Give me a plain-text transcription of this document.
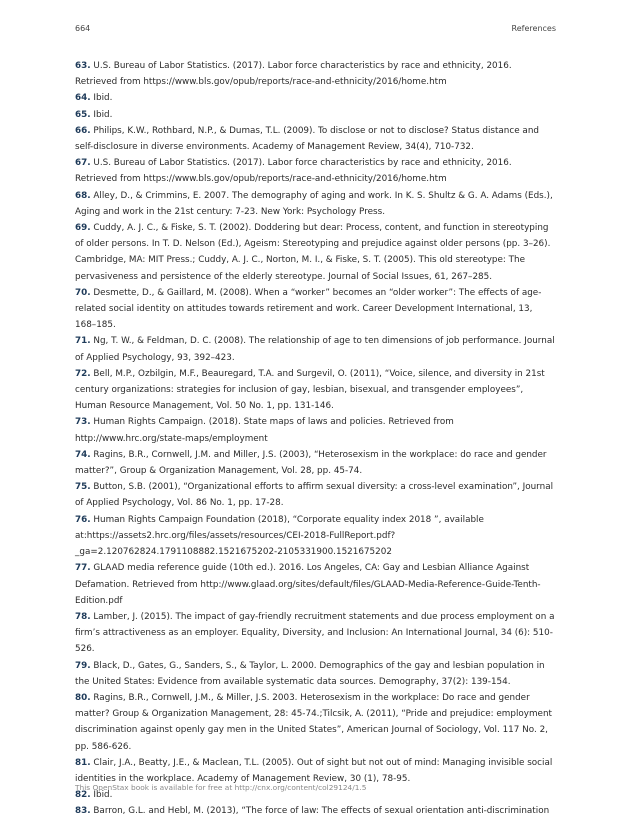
664	References

63. U.S. Bureau of Labor Statistics. (2017). Labor force characteristics by race and ethnicity, 2016. Retrieved from https://www.bls.gov/opub/reports/race-and-ethnicity/2016/home.htm

64. Ibid.

65. Ibid.

66. Philips, K.W., Rothbard, N.P., & Dumas, T.L. (2009). To disclose or not to disclose? Status distance and self-disclosure in diverse environments. Academy of Management Review, 34(4), 710-732.

67. U.S. Bureau of Labor Statistics. (2017). Labor force characteristics by race and ethnicity, 2016. Retrieved from https://www.bls.gov/opub/reports/race-and-ethnicity/2016/home.htm

68. Alley, D., & Crimmins, E. 2007. The demography of aging and work. In K. S. Shultz & G. A. Adams (Eds.), Aging and work in the 21st century: 7-23. New York: Psychology Press.

69. Cuddy, A. J. C., & Fiske, S. T. (2002). Doddering but dear: Process, content, and function in stereotyping of older persons. In T. D. Nelson (Ed.), Ageism: Stereotyping and prejudice against older persons (pp. 3–26). Cambridge, MA: MIT Press.; Cuddy, A. J. C., Norton, M. I., & Fiske, S. T. (2005). This old stereotype: The pervasiveness and persistence of the elderly stereotype. Journal of Social Issues, 61, 267–285.

70. Desmette, D., & Gaillard, M. (2008). When a “worker” becomes an “older worker”: The effects of age-related social identity on attitudes towards retirement and work. Career Development International, 13, 168–185.

71. Ng, T. W., & Feldman, D. C. (2008). The relationship of age to ten dimensions of job performance. Journal of Applied Psychology, 93, 392–423.

72. Bell, M.P., Ozbilgin, M.F., Beauregard, T.A. and Surgevil, O. (2011), “Voice, silence, and diversity in 21st century organizations: strategies for inclusion of gay, lesbian, bisexual, and transgender employees”, Human Resource Management, Vol. 50 No. 1, pp. 131-146.

73. Human Rights Campaign. (2018). State maps of laws and policies. Retrieved from http://www.hrc.org/state-maps/employment

74. Ragins, B.R., Cornwell, J.M. and Miller, J.S. (2003), “Heterosexism in the workplace: do race and gender matter?”, Group & Organization Management, Vol. 28, pp. 45-74.

75. Button, S.B. (2001), “Organizational efforts to affirm sexual diversity: a cross-level examination”, Journal of Applied Psychology, Vol. 86 No. 1, pp. 17-28.

76. Human Rights Campaign Foundation (2018), “Corporate equality index 2018 ”, available at:https://assets2.hrc.org/files/assets/resources/CEI-2018-FullReport.pdf?_ga=2.120762824.1791108882.1521675202-2105331900.1521675202

77. GLAAD media reference guide (10th ed.). 2016. Los Angeles, CA: Gay and Lesbian Alliance Against Defamation. Retrieved from http://www.glaad.org/sites/default/files/GLAAD-Media-Reference-Guide-Tenth-Edition.pdf

78. Lamber, J. (2015). The impact of gay-friendly recruitment statements and due process employment on a firm’s attractiveness as an employer. Equality, Diversity, and Inclusion: An International Journal, 34 (6): 510-526.

79. Black, D., Gates, G., Sanders, S., & Taylor, L. 2000. Demographics of the gay and lesbian population in the United States: Evidence from available systematic data sources. Demography, 37(2): 139-154.

80. Ragins, B.R., Cornwell, J.M., & Miller, J.S. 2003. Heterosexism in the workplace: Do race and gender matter? Group & Organization Management, 28: 45-74.;Tilcsik, A. (2011), “Pride and prejudice: employment discrimination against openly gay men in the United States”, American Journal of Sociology, Vol. 117 No. 2, pp. 586-626.

81. Clair, J.A., Beatty, J.E., & Maclean, T.L. (2005). Out of sight but not out of mind: Managing invisible social identities in the workplace. Academy of Management Review, 30 (1), 78-95.

82. Ibid.

83. Barron, G.L. and Hebl, M. (2013), “The force of law: The effects of sexual orientation anti-discrimination

This OpenStax book is available for free at http://cnx.org/content/col29124/1.5
